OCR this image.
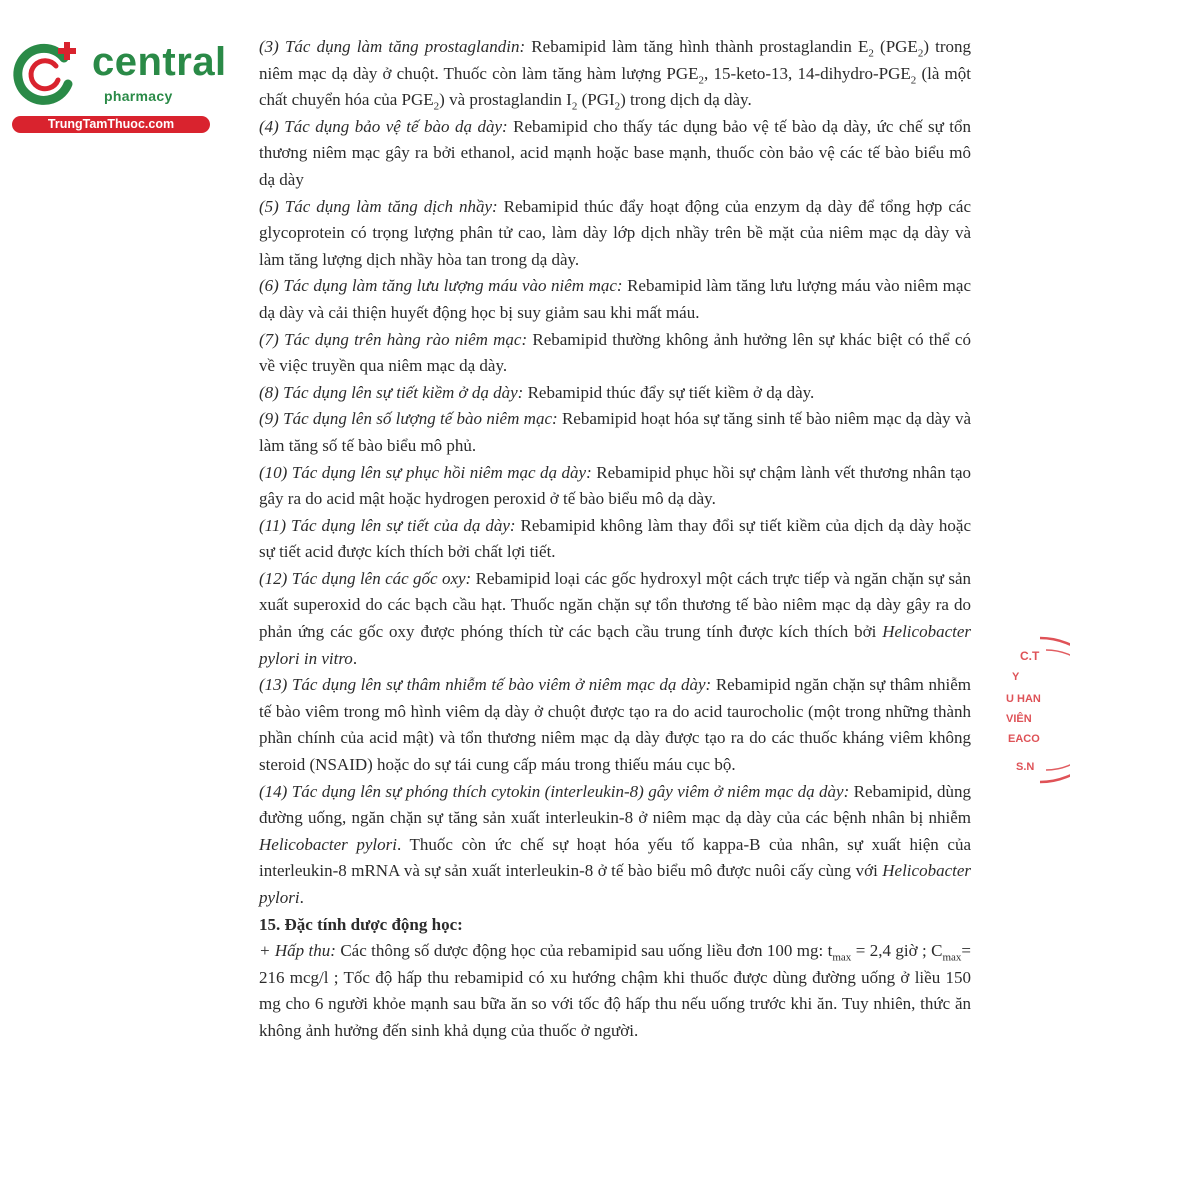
central
pharmacy
TrungTamThuoc.com

(3) Tác dụng làm tăng prostaglandin: Rebamipid làm tăng hình thành prostaglandin $E_2$ $(PGE_2)$ trong niêm mạc dạ dày ở chuột. Thuốc còn làm tăng hàm lượng $PGE_2$, 15-keto-13, $14-dihydro-PGE_2$ (là một chất chuyển hóa của $PGE_2$) và prostaglandin $I_2$ $(PGI_2)$ trong dịch dạ dày.

(4) Tác dụng bảo vệ tế bào dạ dày: Rebamipid cho thấy tác dụng bảo vệ tế bào dạ dày, ức chế sự tổn thương niêm mạc gây ra bởi ethanol, acid mạnh hoặc base mạnh, thuốc còn bảo vệ các tế bào biểu mô dạ dày

(5) Tác dụng làm tăng dịch nhầy: Rebamipid thúc đẩy hoạt động của enzym dạ dày để tổng hợp các glycoprotein có trọng lượng phân tử cao, làm dày lớp dịch nhầy trên bề mặt của niêm mạc dạ dày và làm tăng lượng dịch nhầy hòa tan trong dạ dày.

(6) Tác dụng làm tăng lưu lượng máu vào niêm mạc: Rebamipid làm tăng lưu lượng máu vào niêm mạc dạ dày và cải thiện huyết động học bị suy giảm sau khi mất máu.

(7) Tác dụng trên hàng rào niêm mạc: Rebamipid thường không ảnh hưởng lên sự khác biệt có thể có về việc truyền qua niêm mạc dạ dày.

(8) Tác dụng lên sự tiết kiềm ở dạ dày: Rebamipid thúc đẩy sự tiết kiềm ở dạ dày.

(9) Tác dụng lên số lượng tế bào niêm mạc: Rebamipid hoạt hóa sự tăng sinh tế bào niêm mạc dạ dày và làm tăng số tế bào biểu mô phủ.

(10) Tác dụng lên sự phục hồi niêm mạc dạ dày: Rebamipid phục hồi sự chậm lành vết thương nhân tạo gây ra do acid mật hoặc hydrogen peroxid ở tế bào biểu mô dạ dày.

(11) Tác dụng lên sự tiết của dạ dày: Rebamipid không làm thay đổi sự tiết kiềm của dịch dạ dày hoặc sự tiết acid được kích thích bởi chất lợi tiết.

(12) Tác dụng lên các gốc oxy: Rebamipid loại các gốc hydroxyl một cách trực tiếp và ngăn chặn sự sản xuất superoxid do các bạch cầu hạt. Thuốc ngăn chặn sự tổn thương tế bào niêm mạc dạ dày gây ra do phản ứng các gốc oxy được phóng thích từ các bạch cầu trung tính được kích thích bởi Helicobacter pylori in vitro.

(13) Tác dụng lên sự thâm nhiễm tế bào viêm ở niêm mạc dạ dày: Rebamipid ngăn chặn sự thâm nhiễm tế bào viêm trong mô hình viêm dạ dày ở chuột được tạo ra do acid taurocholic (một trong những thành phần chính của acid mật) và tổn thương niêm mạc dạ dày được tạo ra do các thuốc kháng viêm không steroid (NSAID) hoặc do sự tái cung cấp máu trong thiếu máu cục bộ.

(14) Tác dụng lên sự phóng thích cytokin (interleukin-8) gây viêm ở niêm mạc dạ dày: Rebamipid, dùng đường uống, ngăn chặn sự tăng sản xuất interleukin-8 ở niêm mạc dạ dày của các bệnh nhân bị nhiễm Helicobacter pylori. Thuốc còn ức chế sự hoạt hóa yếu tố kappa-B của nhân, sự xuất hiện của interleukin-8 mRNA và sự sản xuất interleukin-8 ở tế bào biểu mô được nuôi cấy cùng với Helicobacter pylori.

15. Đặc tính dược động học:

+ Hấp thu: Các thông số dược động học của rebamipid sau uống liều đơn 100 mg: $t_{max} = 2,4$ giờ ; $C_{max}= 216$ mcg/l ; Tốc độ hấp thu rebamipid có xu hướng chậm khi thuốc được dùng đường uống ở liều 150 mg cho 6 người khỏe mạnh sau bữa ăn so với tốc độ hấp thu nếu uống trước khi ăn. Tuy nhiên, thức ăn không ảnh hưởng đến sinh khả dụng của thuốc ở người.

C.T
Y
U HAN
VIÊN
EACO
S.N
